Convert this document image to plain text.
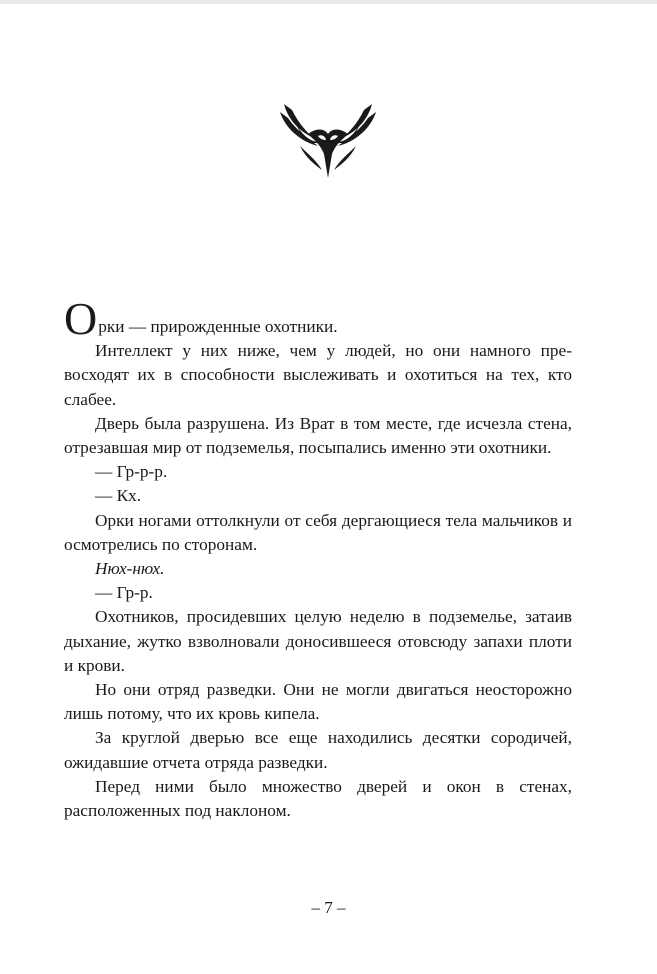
Орки — прирожденные охотники.

Интеллект у них ниже, чем у людей, но они намного превосходят их в способности выслеживать и охотиться на тех, кто слабее.

Дверь была разрушена. Из Врат в том месте, где исчезла стена, отрезавшая мир от подземелья, посыпались именно эти охотники.

— Гр-р-р.

— Кх.

Орки ногами оттолкнули от себя дергающиеся тела мальчиков и осмотрелись по сторонам.

Нюх-нюх.

— Гр-р.

Охотников, просидевших целую неделю в подземелье, затаив дыхание, жутко взволновали доносившееся отовсюду запахи плоти и крови.

Но они отряд разведки. Они не могли двигаться неосторожно лишь потому, что их кровь кипела.

За круглой дверью все еще находились десятки сородичей, ожидавшие отчета отряда разведки.

Перед ними было множество дверей и окон в стенах, расположенных под наклоном.

– 7 –
